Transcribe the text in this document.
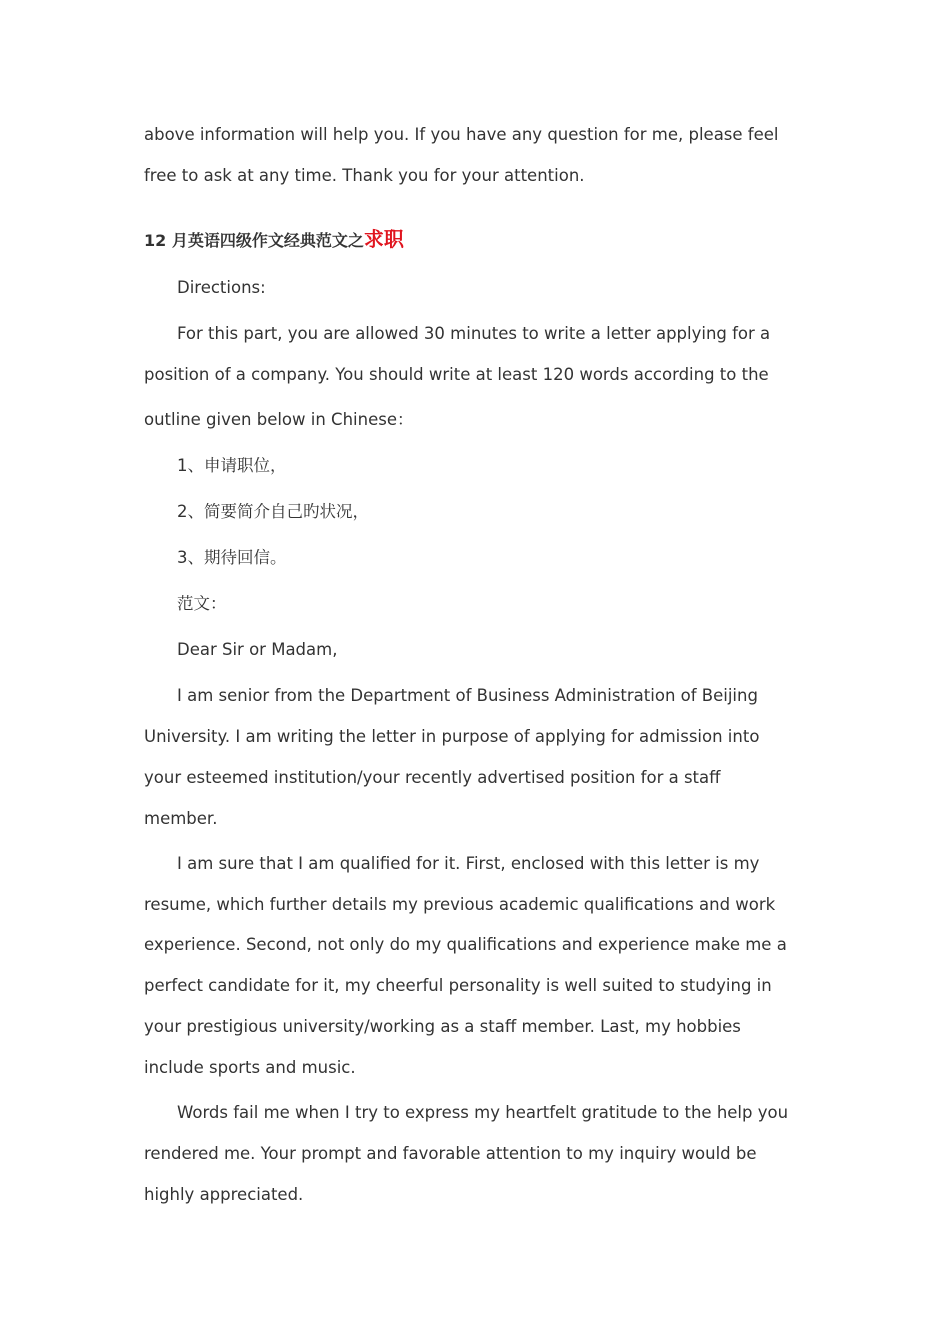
above information will help you. If you have any question for me, please feel
free to ask at any time. Thank you for your attention.
12 月英语四级作文经典范文之求职
Directions:
For this part, you are allowed 30 minutes to write a letter applying for a
position of a company. You should write at least 120 words according to the
outline given below in Chinese：
1、申请职位，
2、简要简介自己旳状况，
3、期待回信。
范文：
Dear Sir or Madam,
I am senior from the Department of Business Administration of Beijing
University. I am writing the letter in purpose of applying for admission into
your esteemed institution/your recently advertised position for a staff
member.
I am sure that I am qualified for it. First, enclosed with this letter is my
resume, which further details my previous academic qualifications and work
experience. Second, not only do my qualifications and experience make me a
perfect candidate for it, my cheerful personality is well suited to studying in
your prestigious university/working as a staff member. Last, my hobbies
include sports and music.
Words fail me when I try to express my heartfelt gratitude to the help you
rendered me. Your prompt and favorable attention to my inquiry would be
highly appreciated.
